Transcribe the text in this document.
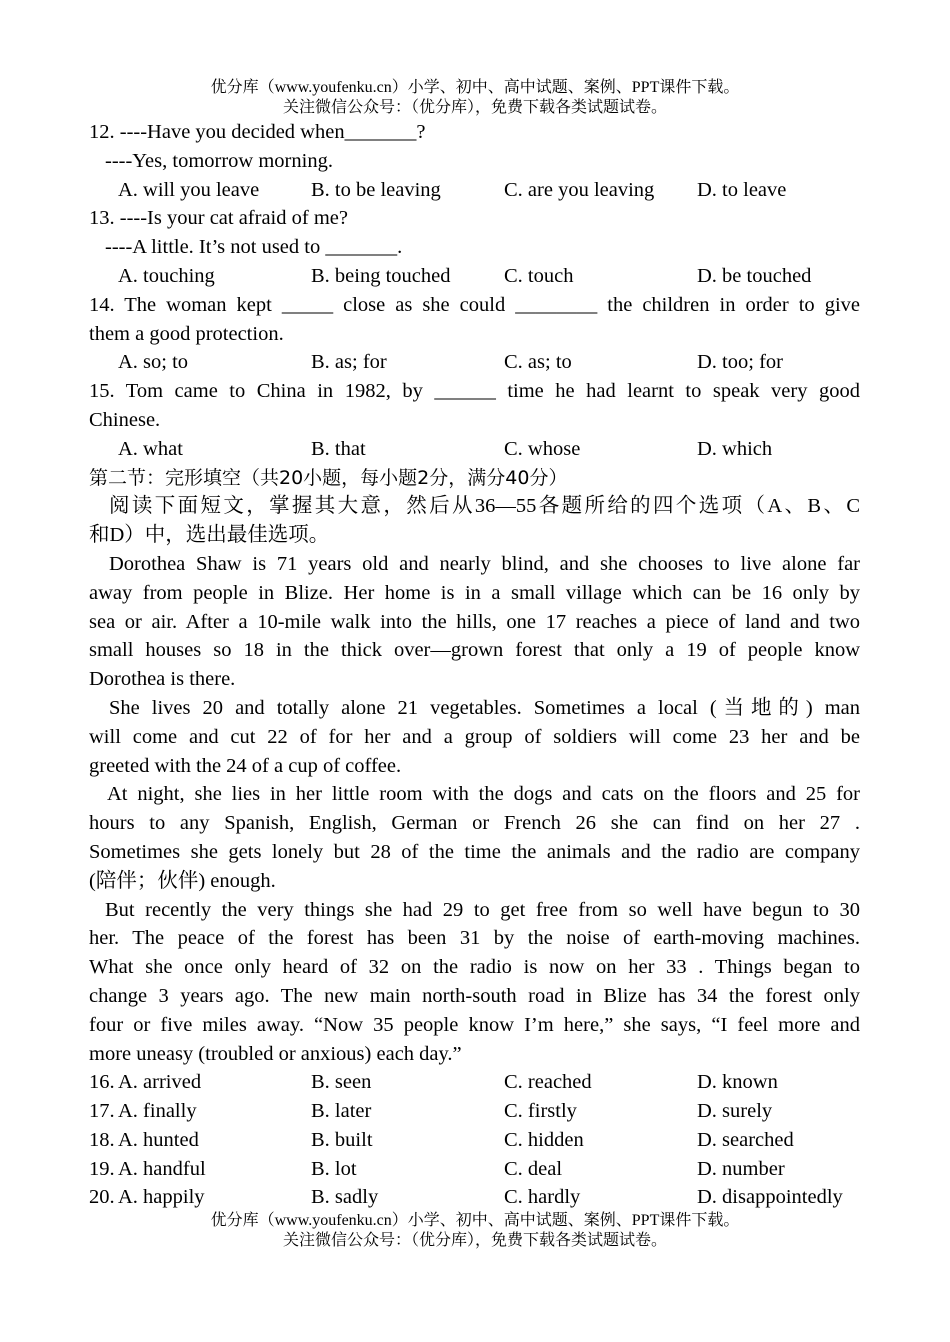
优分库（www.youfenku.cn）小学、初中、高中试题、案例、PPT课件下载。
关注微信公众号：（优分库），免费下载各类试题试卷。
12. ----Have you decided when_______?
----Yes, tomorrow morning.
A. will you leave	B. to be leaving	C. are you leaving D. to leave
13. ----Is your cat afraid of me?
----A little. It’s not used to _______.
A. touching	B. being touched	C. touch	D. be touched
14. The woman kept _____ close as she could ________ the children in order to give
them a good protection.
A. so; to	B. as; for	C. as; to	D. too; for
15. Tom came to China in 1982, by ______ time he had learnt to speak very good
Chinese.
A. what	B. that	C. whose	D. which
第二节：完形填空（共20小题，每小题2分，满分40分）
阅读下面短文，掌握其大意，然后从36—55各题所给的四个选项（A、B、C
和D）中，选出最佳选项。
Dorothea Shaw is 71 years old and nearly blind, and she chooses to live alone far
away from people in Blize. Her home is in a small village which can be 16 only by
sea or air. After a 10-mile walk into the hills, one 17 reaches a piece of land and two
small houses so 18 in the thick over—grown forest that only a 19 of people know
Dorothea is there.
She lives 20 and totally alone 21 vegetables. Sometimes a local (当地的) man
will come and cut 22 of for her and a group of soldiers will come 23 her and be
greeted with the 24 of a cup of coffee.
At night, she lies in her little room with the dogs and cats on the floors and 25 for
hours to any Spanish, English, German or French 26 she can find on her 27 .
Sometimes she gets lonely but 28 of the time the animals and the radio are company
(陪伴；伙伴) enough.
But recently the very things she had 29 to get free from so well have begun to 30
her. The peace of the forest has been 31 by the noise of earth-moving machines.
What she once only heard of 32 on the radio is now on her 33 . Things began to
change 3 years ago. The new main north-south road in Blize has 34 the forest only
four or five miles away. “Now 35 people know I’m here,” she says, “I feel more and
more uneasy (troubled or anxious) each day.”
16. A. arrived	B. seen	C. reached	D. known
17. A. finally	B. later	C. firstly	D. surely
18. A. hunted	B. built	C. hidden	D. searched
19. A. handful	B. lot	C. deal	D. number
20. A. happily	B. sadly	C. hardly	D. disappointedly
优分库（www.youfenku.cn）小学、初中、高中试题、案例、PPT课件下载。
关注微信公众号：（优分库），免费下载各类试题试卷。
